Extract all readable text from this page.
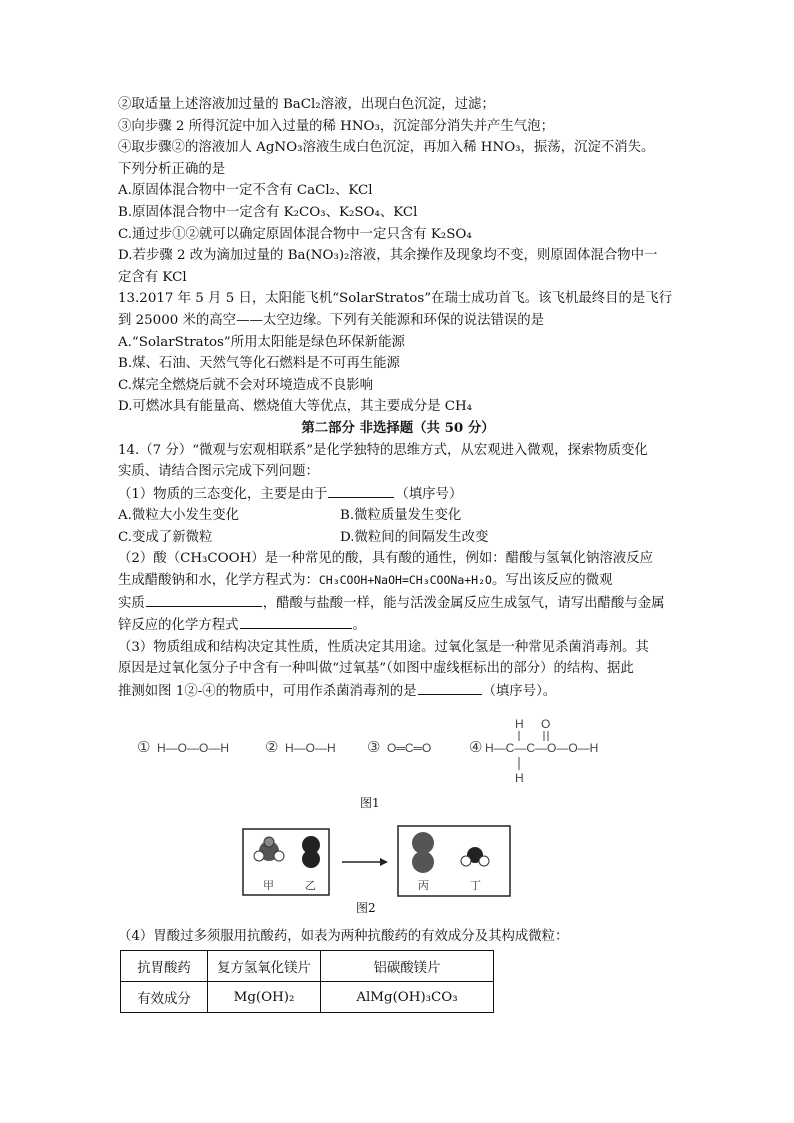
②取适量上述溶液加过量的 BaCl₂溶液，出现白色沉淀，过滤；
③向步骤 2 所得沉淀中加入过量的稀 HNO₃，沉淀部分消失并产生气泡；
④取步骤②的溶液加人 AgNO₃溶液生成白色沉淀，再加入稀 HNO₃，振荡，沉淀不消失。
下列分析正确的是
A.原固体混合物中一定不含有 CaCl₂、KCl
B.原固体混合物中一定含有 K₂CO₃、K₂SO₄、KCl
C.通过步①②就可以确定原固体混合物中一定只含有 K₂SO₄
D.若步骤 2 改为滴加过量的 Ba(NO₃)₂溶液，其余操作及现象均不变，则原固体混合物中一
定含有 KCl
13.2017 年 5 月 5 日，太阳能飞机“SolarStratos”在瑞士成功首飞。该飞机最终目的是飞行
到 25000 米的高空——太空边缘。下列有关能源和环保的说法错误的是
A.“SolarStratos”所用太阳能是绿色环保新能源
B.煤、石油、天然气等化石燃料是不可再生能源
C.煤完全燃烧后就不会对环境造成不良影响
D.可燃冰具有能量高、燃烧值大等优点，其主要成分是 CH₄
第二部分 非选择题（共 50 分）
14.（7 分）“微观与宏观相联系”是化学独特的思维方式，从宏观进入微观，探索物质变化
实质、请结合图示完成下列问题：
（1）物质的三态变化，主要是由于	（填序号）
A.微粒大小发生变化	B.微粒质量发生变化
C.变成了新微粒	D.微粒间的间隔发生改变
（2）酸（CH₃COOH）是一种常见的酸，具有酸的通性，例如：醋酸与氢氧化钠溶液反应
生成醋酸钠和水，化学方程式为：CH₃COOH+NaOH=CH₃COONa+H₂O。写出该反应的微观
实质	，醋酸与盐酸一样，能与活泼金属反应生成氢气，请写出醋酸与金属
锌反应的化学方程式	。
（3）物质组成和结构决定其性质，性质决定其用途。过氧化氢是一种常见杀菌消毒剂。其
原因是过氧化氢分子中含有一种叫做“过氧基”（如图中虚线框标出的部分）的结构、据此
推测如图 1②-④的物质中，可用作杀菌消毒剂的是	（填序号）。
① H—O—O—H ② H—O—H ③ O═C═O	④ H—C—C—O—O—H
H
H
O
图1
甲	乙	丙	丁
图2
（4）胃酸过多须服用抗酸药，如表为两种抗酸药的有效成分及其构成微粒：
抗胃酸药	复方氢氧化镁片	铝碳酸镁片
有效成分	Mg(OH)₂	AlMg(OH)₃CO₃
